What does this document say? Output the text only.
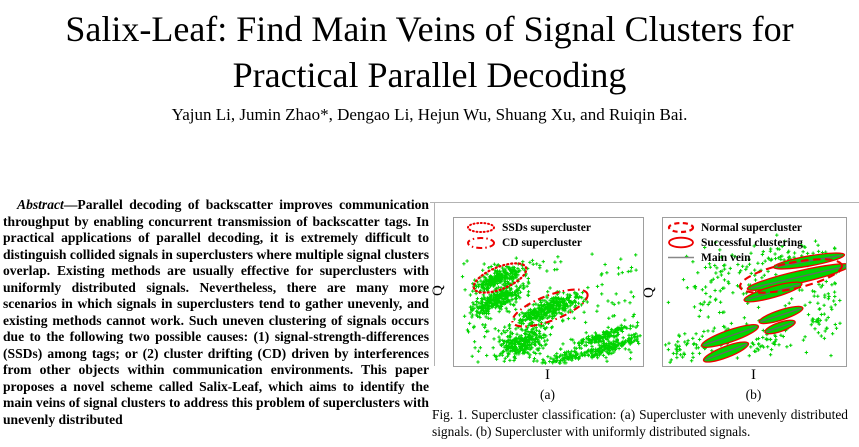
Salix-Leaf: Find Main Veins of Signal Clusters for
Practical Parallel Decoding
Yajun Li, Jumin Zhao*, Dengao Li, Hejun Wu, Shuang Xu, and Ruiqin Bai.

Abstract—Parallel decoding of backscatter improves communication throughput by enabling concurrent transmission of backscatter tags. In practical applications of parallel decoding, it is extremely difficult to distinguish collided signals in superclusters where multiple signal clusters overlap. Existing methods are usually effective for superclusters with uniformly distributed signals. Nevertheless, there are many more scenarios in which signals in superclusters tend to gather unevenly, and existing methods cannot work. Such uneven clustering of signals occurs due to the following two possible causes: (1) signal-strength-differences (SSDs) among tags; or (2) cluster drifting (CD) driven by interferences from other objects within communication environments. This paper proposes a novel scheme called Salix-Leaf, which aims to identify the main veins of signal clusters to address this problem of superclusters with unevenly distributed

SSDs supercluster
CD supercluster
Normal supercluster
Successful clustering
Main vein
Q	Q
I	I
(a)	(b)
Fig. 1. Supercluster classification: (a) Supercluster with unevenly distributed
signals. (b) Supercluster with uniformly distributed signals.
